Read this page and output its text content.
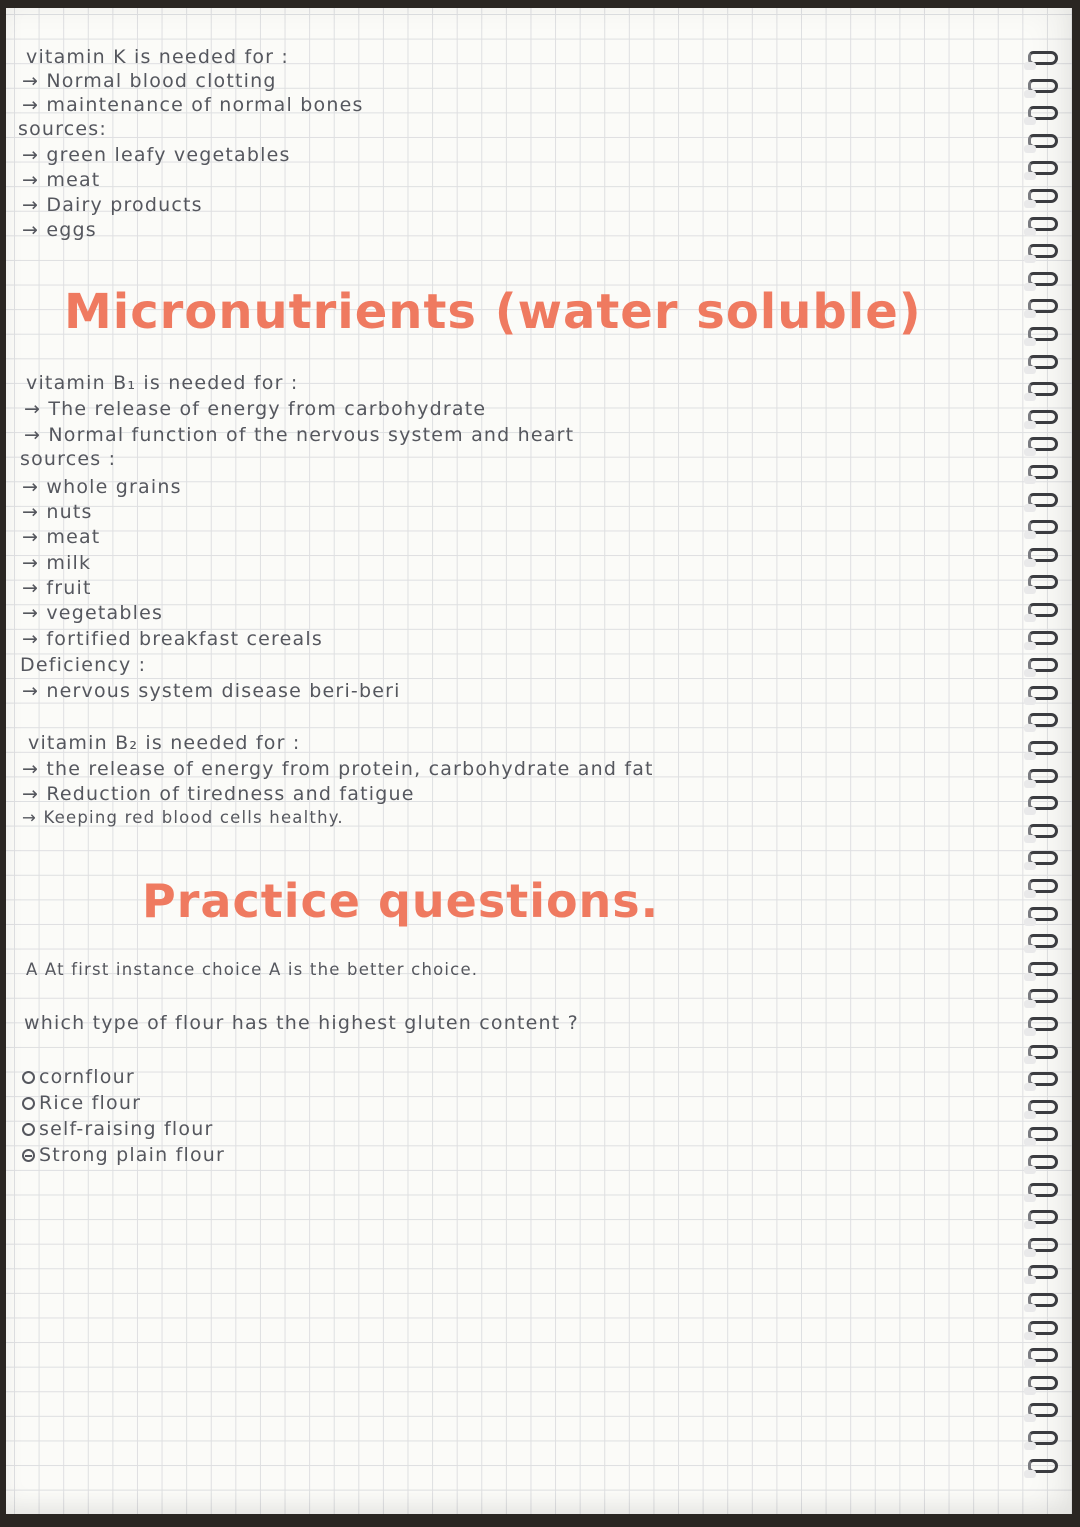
vitamin K is needed for :
→ Normal blood clotting
→ maintenance of normal bones
sources:
→ green leafy vegetables
→ meat
→ Dairy products
→ eggs
Micronutrients (water soluble)
vitamin B₁ is needed for :
→ The release of energy from carbohydrate
→ Normal function of the nervous system and heart
sources :
→ whole grains
→ nuts
→ meat
→ milk
→ fruit
→ vegetables
→ fortified breakfast cereals
Deficiency :
→ nervous system disease beri-beri
vitamin B₂ is needed for :
→ the release of energy from protein, carbohydrate and fat
→ Reduction of tiredness and fatigue
→ Keeping red blood cells healthy.
Practice questions.
A At first instance choice A is the better choice.
which type of flour has the highest gluten content ?
cornflour
Rice flour
self-raising flour
Strong plain flour
